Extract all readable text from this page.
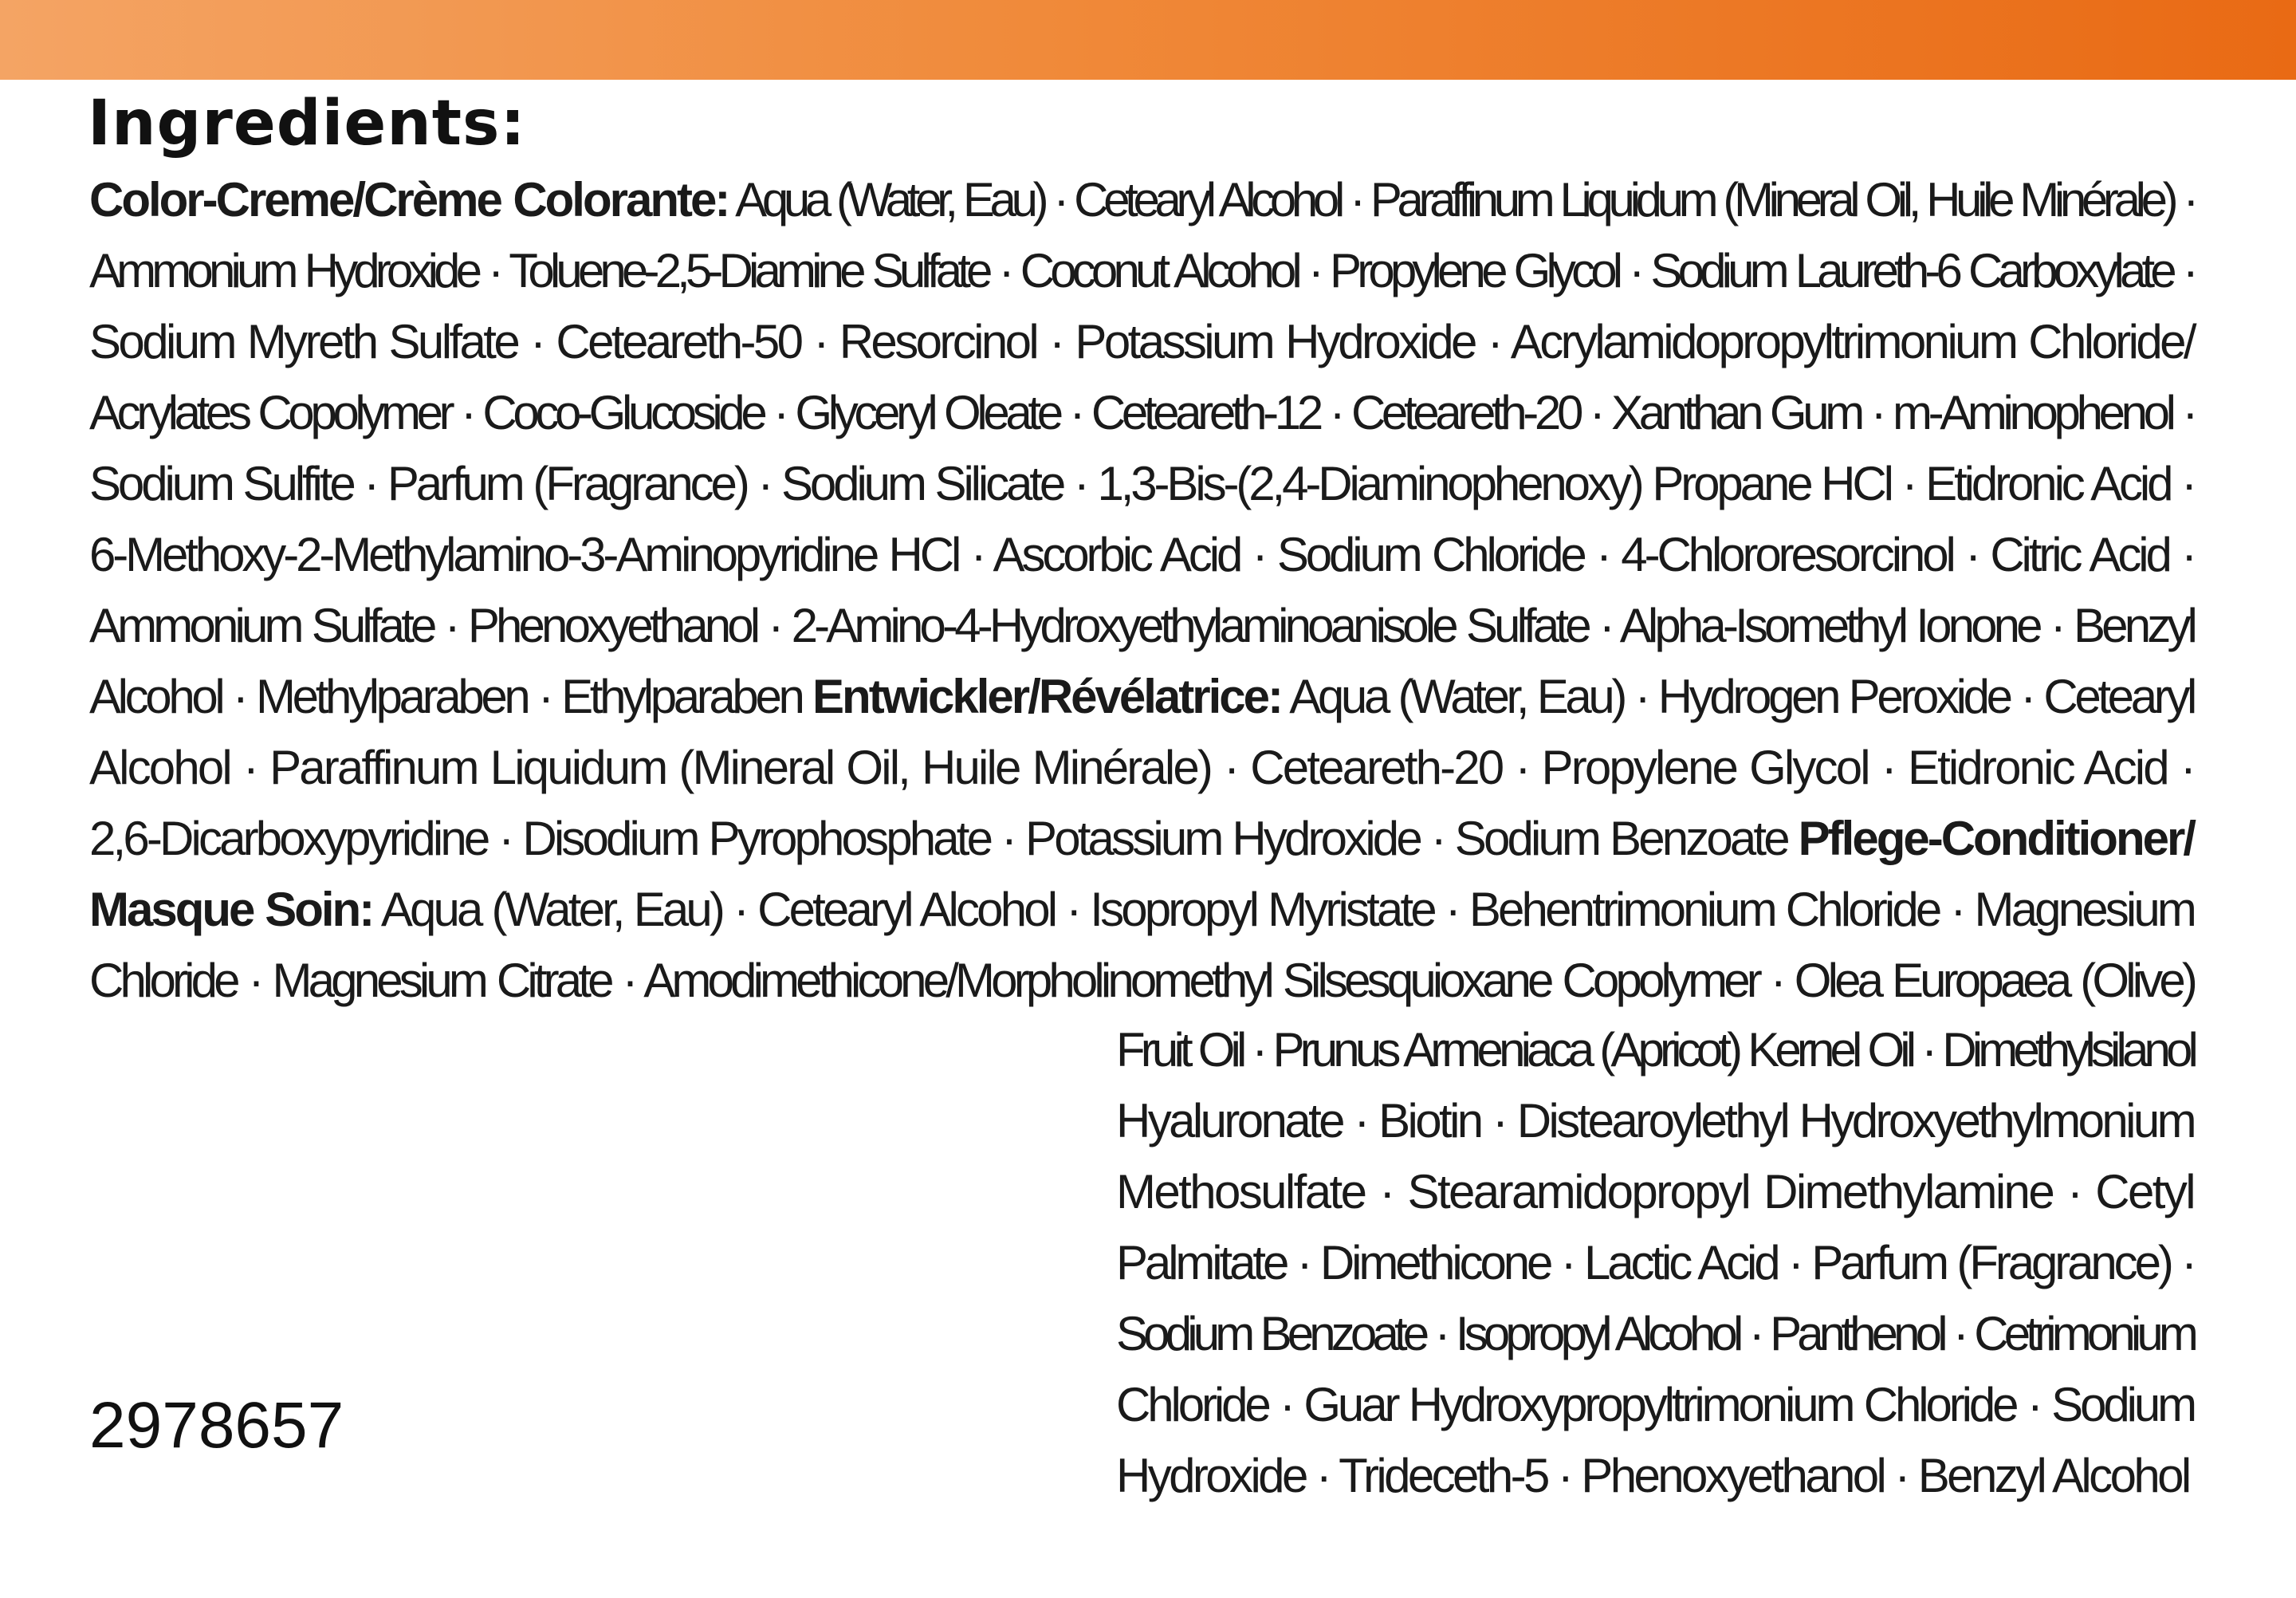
Ingredients:
Color-Creme/Crème Colorante: Aqua (Water, Eau) · Cetearyl Alcohol · Paraffinum Liquidum (Mineral Oil, Huile Minérale) ·
Ammonium Hydroxide · Toluene-2,5-Diamine Sulfate · Coconut Alcohol · Propylene Glycol · Sodium Laureth-6 Carboxylate ·
Sodium Myreth Sulfate · Ceteareth-50 · Resorcinol · Potassium Hydroxide · Acrylamidopropyltrimonium Chloride/
Acrylates Copolymer · Coco-Glucoside · Glyceryl Oleate · Ceteareth-12 · Ceteareth-20 · Xanthan Gum · m-Aminophenol ·
Sodium Sulfite · Parfum (Fragrance) · Sodium Silicate · 1,3-Bis-(2,4-Diaminophenoxy) Propane HCl · Etidronic Acid ·
6-Methoxy-2-Methylamino-3-Aminopyridine HCl · Ascorbic Acid · Sodium Chloride · 4-Chlororesorcinol · Citric Acid ·
Ammonium Sulfate · Phenoxyethanol · 2-Amino-4-Hydroxyethylaminoanisole Sulfate · Alpha-Isomethyl Ionone · Benzyl
Alcohol · Methylparaben · Ethylparaben Entwickler/Révélatrice: Aqua (Water, Eau) · Hydrogen Peroxide · Cetearyl
Alcohol · Paraffinum Liquidum (Mineral Oil, Huile Minérale) · Ceteareth-20 · Propylene Glycol · Etidronic Acid ·
2,6-Dicarboxypyridine · Disodium Pyrophosphate · Potassium Hydroxide · Sodium Benzoate Pflege-Conditioner/
Masque Soin: Aqua (Water, Eau) · Cetearyl Alcohol · Isopropyl Myristate · Behentrimonium Chloride · Magnesium
Chloride · Magnesium Citrate · Amodimethicone/Morpholinomethyl Silsesquioxane Copolymer · Olea Europaea (Olive)
Fruit Oil · Prunus Armeniaca (Apricot) Kernel Oil · Dimethylsilanol
Hyaluronate · Biotin · Distearoylethyl Hydroxyethylmonium
Methosulfate · Stearamidopropyl Dimethylamine · Cetyl
Palmitate · Dimethicone · Lactic Acid · Parfum (Fragrance) ·
Sodium Benzoate · Isopropyl Alcohol · Panthenol · Cetrimonium
Chloride · Guar Hydroxypropyltrimonium Chloride · Sodium
Hydroxide · Trideceth-5 · Phenoxyethanol · Benzyl Alcohol
2978657
